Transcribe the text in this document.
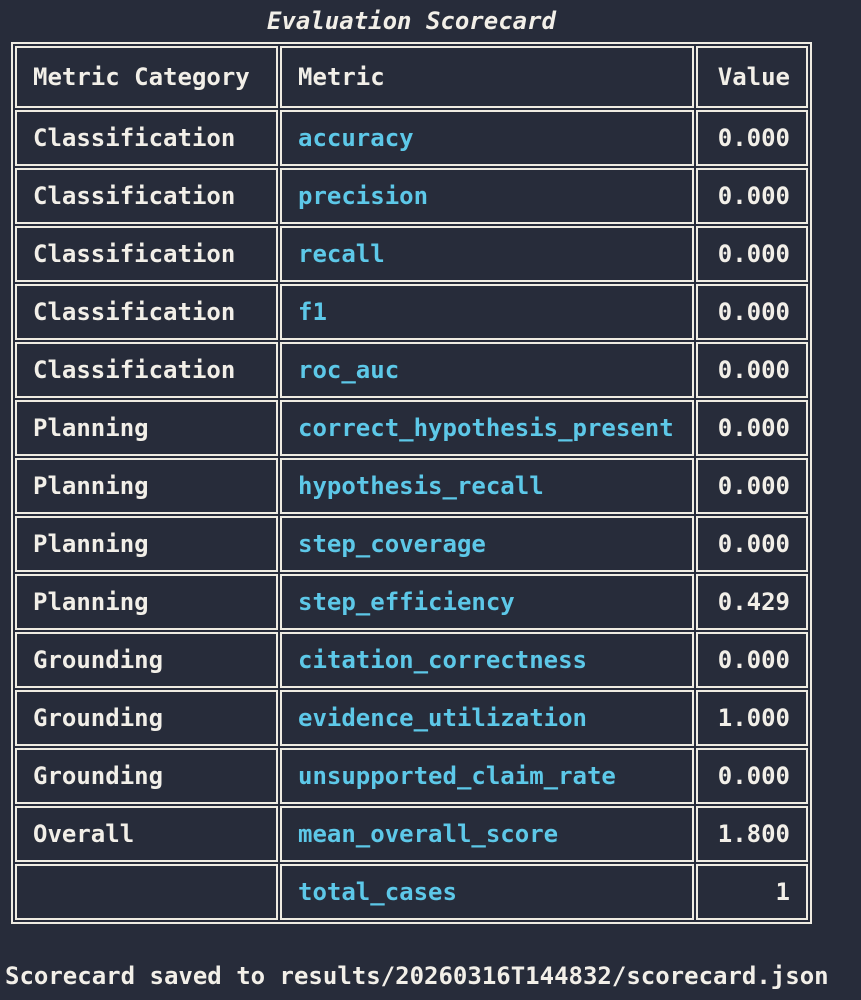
Evaluation Scorecard
Metric Category	Metric	Value
Classification	accuracy	0.000
Classification	precision	0.000
Classification	recall	0.000
Classification	f1	0.000
Classification	roc_auc	0.000
Planning	correct_hypothesis_present	0.000
Planning	hypothesis_recall	0.000
Planning	step_coverage	0.000
Planning	step_efficiency	0.429
Grounding	citation_correctness	0.000
Grounding	evidence_utilization	1.000
Grounding	unsupported_claim_rate	0.000
Overall	mean_overall_score	1.800
	total_cases	1
Scorecard saved to results/20260316T144832/scorecard.json
